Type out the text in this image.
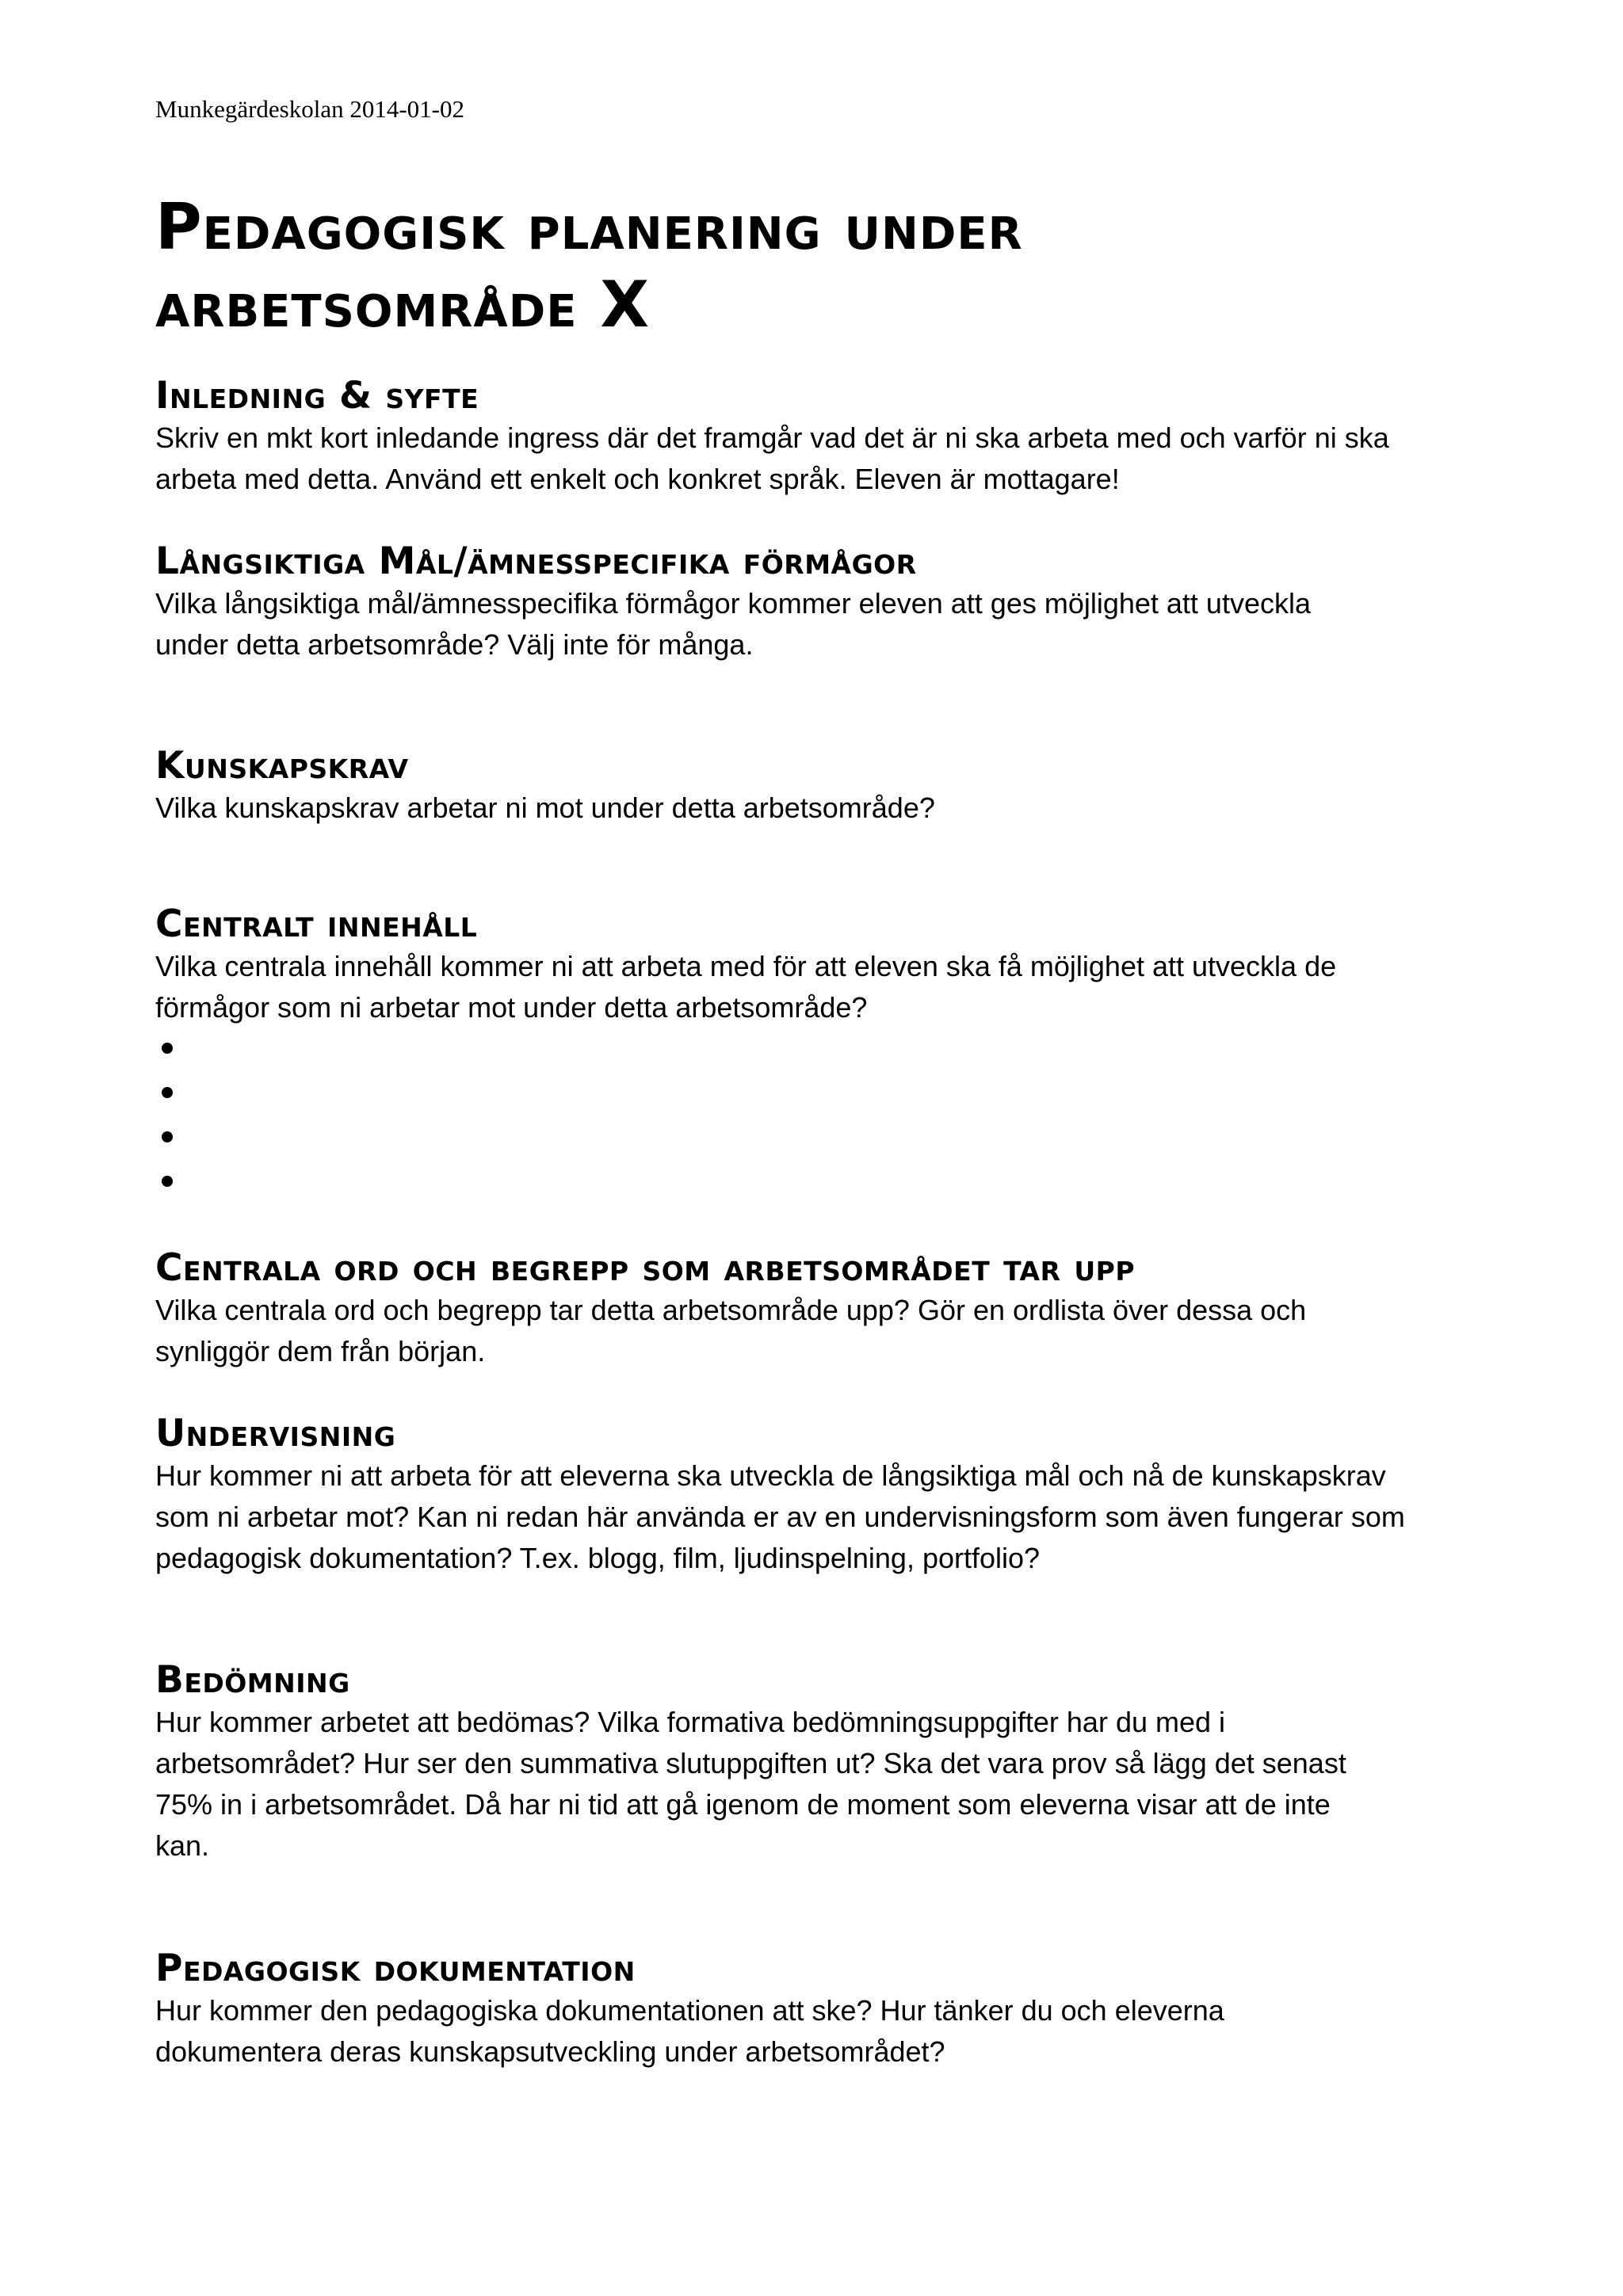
Munkegärdeskolan 2014-01-02
Pedagogisk planering under
arbetsområde X
Inledning & syfte

Skriv en mkt kort inledande ingress där det framgår vad det är ni ska arbeta med och varför ni ska
arbeta med detta. Använd ett enkelt och konkret språk. Eleven är mottagare!

Långsiktiga Mål/ämnesspecifika förmågor

Vilka långsiktiga mål/ämnesspecifika förmågor kommer eleven att ges möjlighet att utveckla
under detta arbetsområde? Välj inte för många.

Kunskapskrav

Vilka kunskapskrav arbetar ni mot under detta arbetsområde?

Centralt innehåll

Vilka centrala innehåll kommer ni att arbeta med för att eleven ska få möjlighet att utveckla de
förmågor som ni arbetar mot under detta arbetsområde?

Centrala ord och begrepp som arbetsområdet tar upp

Vilka centrala ord och begrepp tar detta arbetsområde upp? Gör en ordlista över dessa och
synliggör dem från början.

Undervisning

Hur kommer ni att arbeta för att eleverna ska utveckla de långsiktiga mål och nå de kunskapskrav
som ni arbetar mot? Kan ni redan här använda er av en undervisningsform som även fungerar som
pedagogisk dokumentation? T.ex. blogg, film, ljudinspelning, portfolio?

Bedömning

Hur kommer arbetet att bedömas? Vilka formativa bedömningsuppgifter har du med i
arbetsområdet? Hur ser den summativa slutuppgiften ut? Ska det vara prov så lägg det senast
75% in i arbetsområdet. Då har ni tid att gå igenom de moment som eleverna visar att de inte
kan.

Pedagogisk dokumentation

Hur kommer den pedagogiska dokumentationen att ske? Hur tänker du och eleverna
dokumentera deras kunskapsutveckling under arbetsområdet?
